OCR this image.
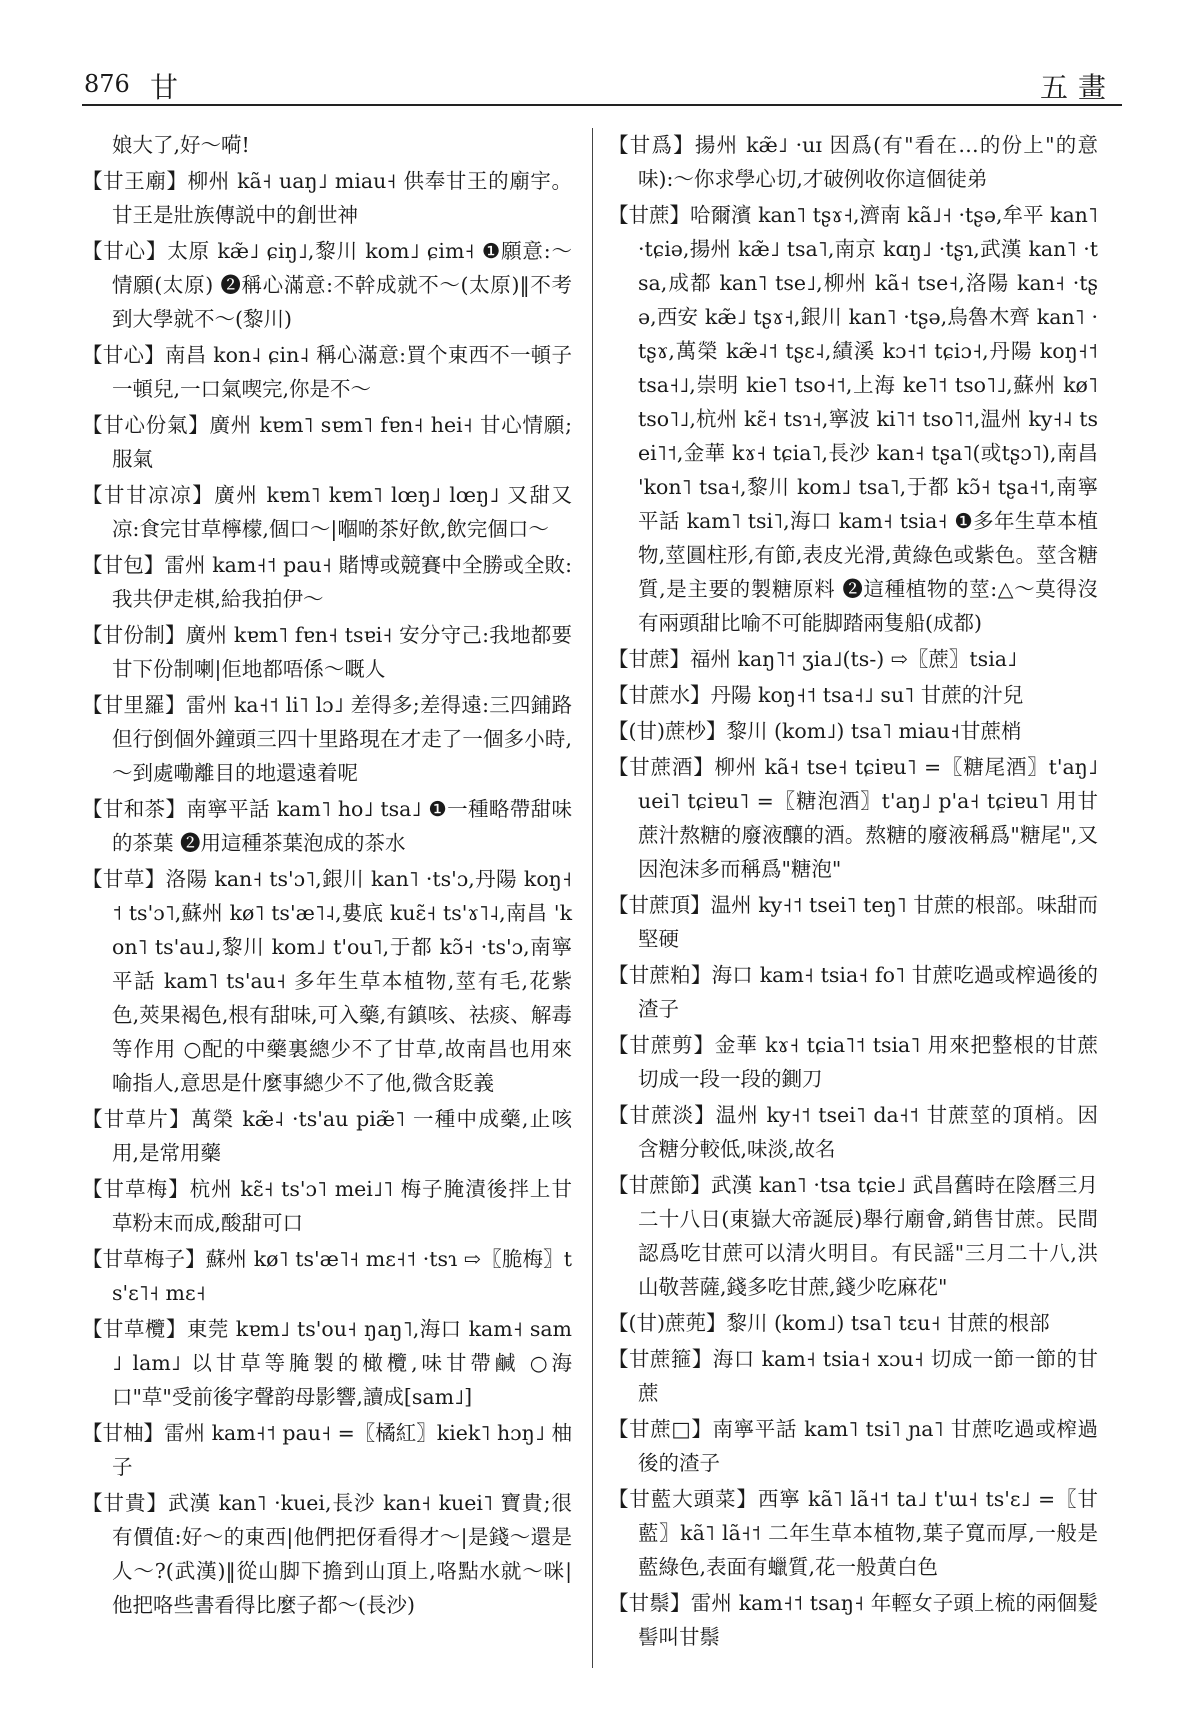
876 甘	五畫

娘大了,好～嗬!

【甘王廟】柳州 kã˧ uaŋ˩ miau˧ 供奉甘王的廟宇。甘王是壯族傳説中的創世神

【甘心】太原 kæ̃˩ ɕiŋ˩,黎川 kom˩ ɕim˧ ❶願意:～情願(太原) ❷稱心滿意:不幹成就不～(太原)‖不考到大學就不～(黎川)

【甘心】南昌 kon˨ ɕin˨ 稱心滿意:買个東西不一頓子一頓兒,一口氣喫完,你是不～

【甘心份氣】廣州 kɐm˥ sɐm˥ fɐn˧ hei˧ 甘心情願;服氣

【甘甘凉凉】廣州 kɐm˥ kɐm˥ lœŋ˩ lœŋ˩ 又甜又凉:食完甘草檸檬,個口～|嗰啲茶好飲,飲完個口～

【甘包】雷州 kam˧˦ pau˧ 賭博或競賽中全勝或全敗:我共伊走棋,給我拍伊～

【甘份制】廣州 kɐm˥ fɐn˧ tsɐi˧ 安分守己:我地都要甘下份制喇|佢地都唔係～嘅人

【甘里羅】雷州 ka˧˦ li˥ lɔ˩ 差得多;差得遠:三四鋪路但行倒個外鐘頭三四十里路現在才走了一個多小時,～到處嘞離目的地還遠着呢

【甘和茶】南寧平話 kam˥ ho˩ tsa˩ ❶一種略帶甜味的茶葉 ❷用這種茶葉泡成的茶水

【甘草】洛陽 kan˧ ts'ɔ˥,銀川 kan˥ ·ts'ɔ,丹陽 koŋ˧˦ ts'ɔ˥,蘇州 kø˥ ts'æ˥˨,婁底 kuɛ̃˧ ts'ɤ˥˨,南昌 'kon˥ ts'au˩,黎川 kom˩ t'ou˥,于都 kɔ̃˧ ·ts'ɔ,南寧平話 kam˥ ts'au˧ 多年生草本植物,莖有毛,花紫色,莢果褐色,根有甜味,可入藥,有鎮咳、祛痰、解毒等作用 ○配的中藥裏總少不了甘草,故南昌也用來喻指人,意思是什麼事總少不了他,微含貶義

【甘草片】萬榮 kæ̃˨ ·ts'au piæ̃˥ 一種中成藥,止咳用,是常用藥

【甘草梅】杭州 kɛ̃˧ ts'ɔ˥ mei˩˥ 梅子腌漬後拌上甘草粉末而成,酸甜可口

【甘草梅子】蘇州 kø˥ ts'æ˥˧ mɛ˧˦ ·tsɿ ⇨〖脆梅〗ts'ɛ˥˧ mɛ˧

【甘草欖】東莞 kɐm˩ ts'ou˧ ŋaŋ˥,海口 kam˧ sam˩ lam˩ 以甘草等腌製的橄欖,味甘帶鹹 ○海口"草"受前後字聲韵母影響,讀成[sam˩]

【甘柚】雷州 kam˧˦ pau˧ =〖橘紅〗kiek˥ hɔŋ˩ 柚子

【甘貴】武漢 kan˥ ·kuei,長沙 kan˧ kuei˥ 寶貴;很有價值:好～的東西|他們把伢看得才～|是錢～還是人～?(武漢)‖從山脚下擔到山頂上,咯點水就～咪|他把咯些書看得比麼子都～(長沙)

【甘爲】揚州 kæ̃˩ ·uɪ 因爲(有"看在…的份上"的意味):～你求學心切,才破例收你這個徒弟

【甘蔗】哈爾濱 kan˥ tʂɤ˧,濟南 kã˩˧ ·tʂə,牟平 kan˥ ·tɕiə,揚州 kæ̃˩ tsa˥,南京 kɑŋ˩ ·tʂɿ,武漢 kan˥ ·tsa,成都 kan˥ tse˩,柳州 kã˧ tse˧,洛陽 kan˧ ·tʂə,西安 kæ̃˩ tʂɤ˧,銀川 kan˥ ·tʂə,烏魯木齊 kan˥ ·tʂɤ,萬榮 kæ̃˨˦ tʂɛ˨,績溪 kɔ˧˦ tɕiɔ˧,丹陽 koŋ˧˦ tsa˧˩,崇明 kie˥ tso˧˦,上海 ke˥˦ tso˥˩,蘇州 kø˥ tso˥˩,杭州 kɛ̃˧ tsɿ˧,寧波 ki˥˦ tso˥˦,温州 ky˧˨ tsei˥˦,金華 kɤ˧ tɕia˥,長沙 kan˧ tʂa˥(或tʂɔ˥),南昌 'kon˥ tsa˧,黎川 kom˩ tsa˥,于都 kɔ̃˧ tʂa˧˦,南寧平話 kam˥ tsi˥,海口 kam˧ tsia˧ ❶多年生草本植物,莖圓柱形,有節,表皮光滑,黄綠色或紫色。莖含糖質,是主要的製糖原料 ❷這種植物的莖:△～莫得沒有兩頭甜比喻不可能脚踏兩隻船(成都)

【甘蔗】福州 kaŋ˥˦ ʒia˩(ts-) ⇨〖蔗〗tsia˩

【甘蔗水】丹陽 koŋ˧˦ tsa˧˩ su˥ 甘蔗的汁兒

【(甘)蔗杪】黎川 (kom˩) tsa˥ miau˧甘蔗梢

【甘蔗酒】柳州 kã˧ tse˧ tɕiɐu˥ =〖糖尾酒〗t'aŋ˩ uei˥ tɕiɐu˥ =〖糖泡酒〗t'aŋ˩ p'a˧ tɕiɐu˥ 用甘蔗汁熬糖的廢液釀的酒。熬糖的廢液稱爲"糖尾",又因泡沫多而稱爲"糖泡"

【甘蔗頂】温州 ky˧˦ tsei˥ teŋ˥ 甘蔗的根部。味甜而堅硬

【甘蔗粕】海口 kam˧ tsia˧ fo˥ 甘蔗吃過或榨過後的渣子

【甘蔗剪】金華 kɤ˧ tɕia˥˦ tsia˥ 用來把整根的甘蔗切成一段一段的鍘刀

【甘蔗淡】温州 ky˧˦ tsei˥ da˧˦ 甘蔗莖的頂梢。因含糖分較低,味淡,故名

【甘蔗節】武漢 kan˥ ·tsa tɕie˩ 武昌舊時在陰曆三月二十八日(東嶽大帝誕辰)舉行廟會,銷售甘蔗。民間認爲吃甘蔗可以清火明目。有民謡"三月二十八,洪山敬菩薩,錢多吃甘蔗,錢少吃麻花"

【(甘)蔗蔸】黎川 (kom˩) tsa˥ tɛu˧ 甘蔗的根部

【甘蔗箍】海口 kam˧ tsia˧ xɔu˧ 切成一節一節的甘蔗

【甘蔗□】南寧平話 kam˥ tsi˥ ɲa˥ 甘蔗吃過或榨過後的渣子

【甘藍大頭菜】西寧 kã˥ lã˧˦ ta˩ t'ɯ˧ ts'ɛ˩ =〖甘藍〗kã˥ lã˧˦ 二年生草本植物,葉子寬而厚,一般是藍綠色,表面有蠟質,花一般黄白色

【甘鬃】雷州 kam˧˦ tsaŋ˧ 年輕女子頭上梳的兩個髮髻叫甘鬃
